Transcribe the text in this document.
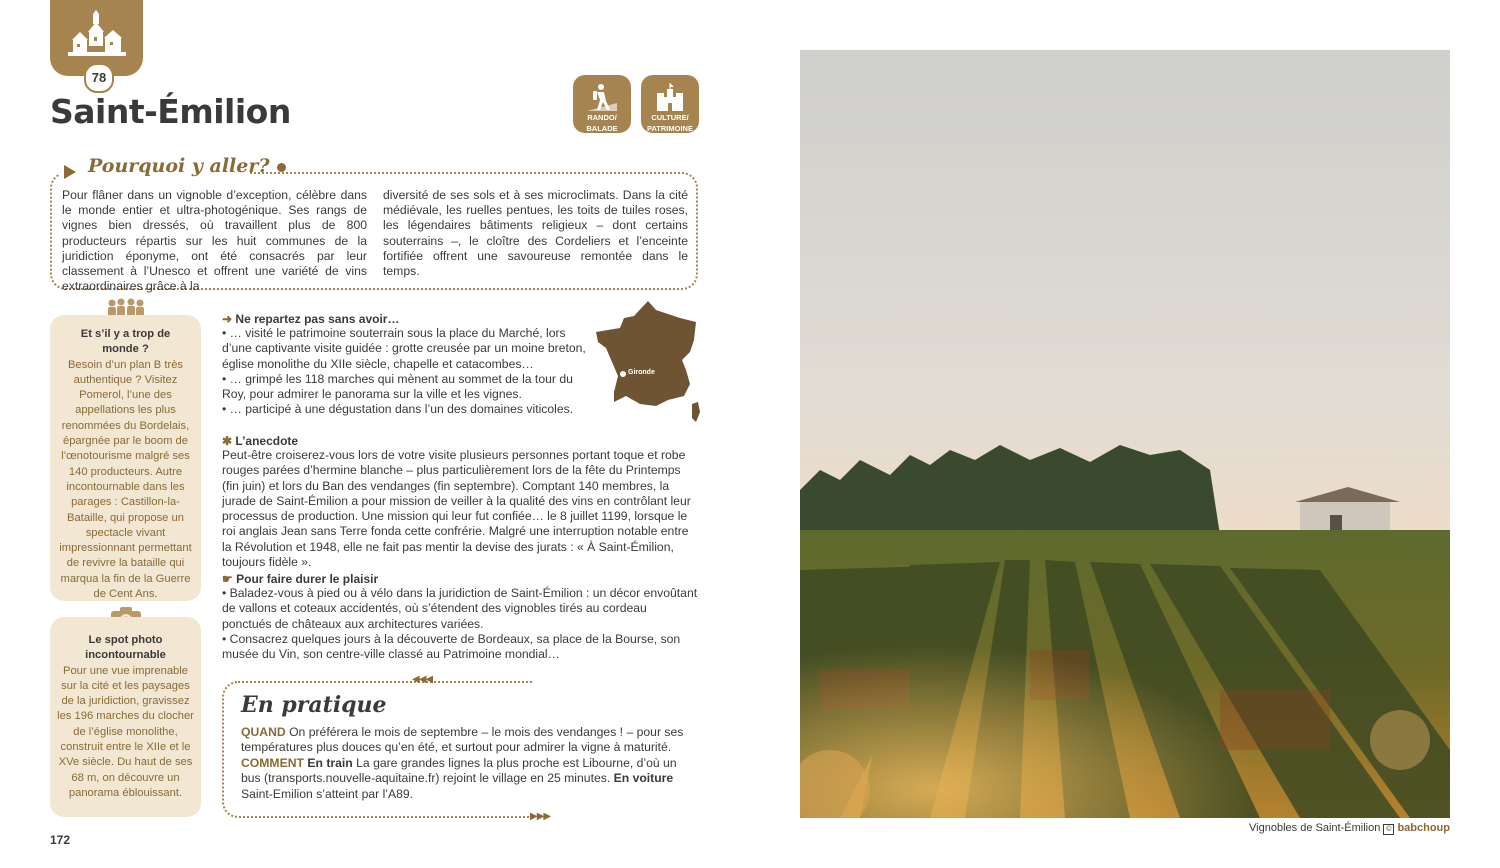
78
Saint-Émilion	RANDO/
BALADE
CULTURE/
PATRIMOINE
Pourquoi y aller?
Pour flâner dans un vignoble d’exception, célèbre dans le monde entier et ultra-photogénique. Ses rangs de vignes bien dressés, où travaillent plus de 800 producteurs répartis sur les huit communes de la juridiction éponyme, ont été consacrés par leur classement à l’Unesco et offrent une variété de vins extraordinaires grâce à la
diversité de ses sols et à ses microclimats. Dans la cité médiévale, les ruelles pentues, les toits de tuiles roses, les légendaires bâtiments religieux – dont certains souterrains –, le cloître des Cordeliers et l’enceinte fortifiée offrent une savoureuse remontée dans le temps.
Et s’il y a trop de monde ?
Besoin d’un plan B très authentique ? Visitez Pomerol, l’une des appellations les plus renommées du Bordelais, épargnée par le boom de l’œnotourisme malgré ses 140 producteurs. Autre incontournable dans les parages : Castillon-la-Bataille, qui propose un spectacle vivant impressionnant permettant de revivre la bataille qui marqua la fin de la Guerre de Cent Ans.
Le spot photo incontournable
Pour une vue imprenable sur la cité et les paysages de la juridiction, gravissez les 196 marches du clocher de l’église monolithe, construit entre le XIIe et le XVe siècle. Du haut de ses 68 m, on découvre un panorama éblouissant.
Gironde
➜ Ne repartez pas sans avoir…
• … visité le patrimoine souterrain sous la place du Marché, lors d’une captivante visite guidée : grotte creusée par un moine breton, église monolithe du XIIe siècle, chapelle et catacombes…
• … grimpé les 118 marches qui mènent au sommet de la tour du Roy, pour admirer le panorama sur la ville et les vignes.
• … participé à une dégustation dans l’un des domaines viticoles.
✱ L’anecdote
Peut-être croiserez-vous lors de votre visite plusieurs personnes portant toque et robe rouges parées d’hermine blanche – plus particulièrement lors de la fête du Printemps (fin juin) et lors du Ban des vendanges (fin septembre). Comptant 140 membres, la jurade de Saint-Émilion a pour mission de veiller à la qualité des vins en contrôlant leur processus de production. Une mission qui leur fut confiée… le 8 juillet 1199, lorsque le roi anglais Jean sans Terre fonda cette confrérie. Malgré une interruption notable entre la Révolution et 1948, elle ne fait pas mentir la devise des jurats : « À Saint-Émilion, toujours fidèle ».
☛ Pour faire durer le plaisir
• Baladez-vous à pied ou à vélo dans la juridiction de Saint-Émilion : un décor envoûtant de vallons et coteaux accidentés, où s’étendent des vignobles tirés au cordeau ponctués de châteaux aux architectures variées.
• Consacrez quelques jours à la découverte de Bordeaux, sa place de la Bourse, son musée du Vin, son centre-ville classé au Patrimoine mondial…
◀◀◀
▶▶▶
En pratique
QUAND On préférera le mois de septembre – le mois des vendanges ! – pour ses températures plus douces qu’en été, et surtout pour admirer la vigne à maturité.
COMMENT En train La gare grandes lignes la plus proche est Libourne, d’où un bus (transports.nouvelle-aquitaine.fr) rejoint le village en 25 minutes. En voiture Saint-Emilion s’atteint par l’A89.
Vignobles de Saint-Émilion © babchoup
172
